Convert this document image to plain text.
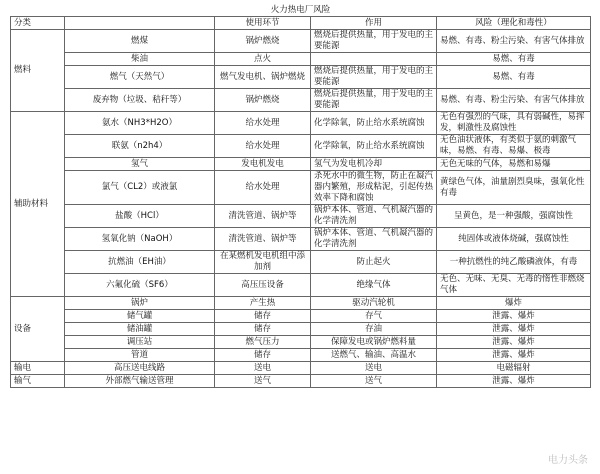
火力热电厂风险				
分类		使用环节	作用	风险（理化和毒性）
燃料	燃煤	锅炉燃烧	燃烧后提供热量，用于发电的主要能源	易燃、有毒、粉尘污染、有害气体排放
	柴油	点火		易燃、有毒
	燃气（天然气）	燃气发电机、锅炉燃烧	燃烧后提供热量，用于发电的主要能源	易燃、有毒
	废弃物（垃圾、秸秆等）	锅炉燃烧	燃烧后提供热量，用于发电的主要能源	易燃、有毒、粉尘污染、有害气体排放
辅助材料	氨水（NH3*H2O）	给水处理	化学除氧，防止给水系统腐蚀	无色有强烈的气味，具有弱碱性，易挥发，刺激性及腐蚀性
	联氨（n2h4）	给水处理	化学除氧，防止给水系统腐蚀	无色油状液体，有类似于氨的刺激气味，易燃、有毒、易爆、极毒
	氢气	发电机发电	氢气为发电机冷却	无色无味的气体，易燃和易爆
	氯气（CL2）或液氯	给水处理	杀死水中的微生物，防止在凝汽器内繁殖，形成粘泥，引起传热效率下降和腐蚀	黄绿色气体，油量剧烈臭味，强氧化性有毒
	盐酸（HCl）	清洗管道、锅炉等	锅炉本体、管道、气机凝汽器的化学清洗剂	呈黄色，是一种强酸，强腐蚀性
	氢氧化钠（NaOH）	清洗管道、锅炉等	锅炉本体、管道、气机凝汽器的化学清洗剂	纯固体或液体烧碱，强腐蚀性
	抗燃油（EH油）	在某燃机发电机组中添加剂	防止起火	一种抗燃性的纯乙酸磷液体，有毒
	六氟化硫（SF6）	高压压设备	绝缘气体	无色、无味、无臭、无毒的惰性非燃烧气体
设备	锅炉	产生热	驱动汽轮机	爆炸
	储气罐	储存	存气	泄露、爆炸
	储油罐	储存	存油	泄露、爆炸
	调压站	燃气压力	保障发电或锅炉燃料量	泄露、爆炸
	管道	储存	送燃气、输油、高温水	泄露、爆炸
输电	高压送电线路	送电	送电	电磁辐射
输气	外部燃气输送管理	送气	送气	泄露、爆炸
电力头条
